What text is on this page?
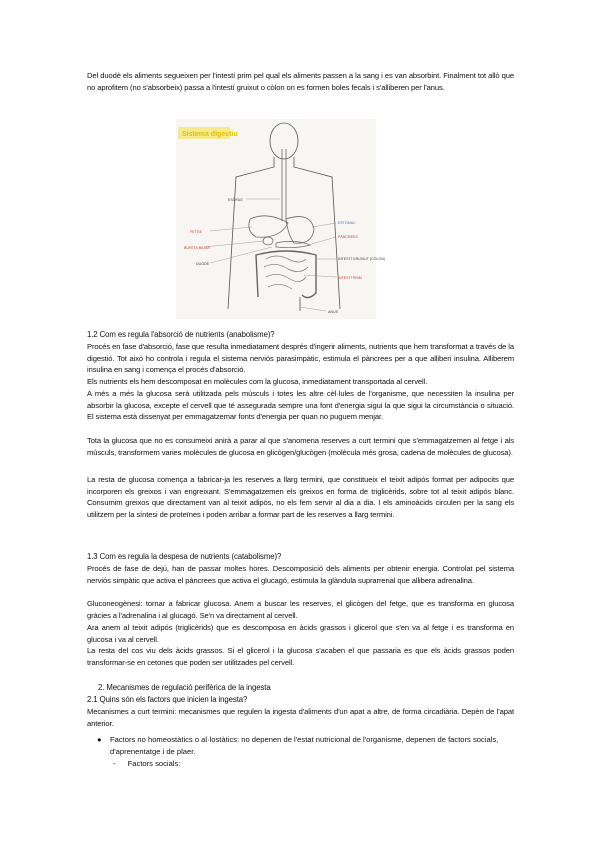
Del duodè els aliments segueixen per l'intestí prim pel qual els aliments passen a la sang i es van absorbint. Finalment tot allò que no aprofitem (no s'absorbeix) passa a l'intestí gruixut o còlon on es formen boles fecals i s'alliberen per l'anus.

Sistema digestiu
ESÒFAG
FETGE
BUFETA BILIAR
DUODÈ
ESTÒMAC
PÀNCREES
INTESTÍ GRUIXUT (CÒLON)
INTESTÍ PRIM
ANUS

1.2 Com es regula l'absorció de nutrients (anabolisme)?

Procés en fase d'absorció, fase que resulta inmediatament després d'ingerir aliments, nutrients que hem transformat a través de la digestió. Tot això ho controla i regula el sistema nerviós parasimpàtic, estimula el pàncrees per a que alliberi insulina. Alliberem insulina en sang i comença el procés d'absorció.

Els nutrients els hem descomposat en molècules com la glucosa, inmediatament transportada al cervell.

A més a més la glucosa serà utilitzada pels músculs i totes les altre cèl·lules de l'organisme, que necessiten la insulina per absorbir la glucosa, excepte el cervell que té assegurada sempre una font d'energia sigui la que sigui la circumstància o situació. El sistema està dissenyat per emmagatzemar fonts d'energia per quan no puguem menjar.

Tota la glucosa que no es consumeixi anirà a parar al que s'anomena reserves a curt termini que s'emmagatzemen al fetge i als músculs, transformem varies molècules de glucosa en glicògen/glucògen (molècula més grosa, cadena de molècules de glucosa).

La resta de glucosa comença a fabricar-ja les reserves a llarg termini, que constitueix el teixit adipós format per adipocits que incorporen els greixos i van engreixant. S'emmagatzemen els greixos en forma de triglicèrids, sobre tot al teixit adipós blanc. Consumim greixos que directament van al teixit adipós, no els fem servir al dia a dia. I els aminoàcids circulen per la sang els utilitzem per la síntesi de proteïnes i poden arribar a formar part de les reserves a llarg termini.

1.3 Com es regula la despesa de nutrients (catabolisme)?

Procés de fase de dejú, han de passar moltes hores. Descomposició dels aliments per obtenir energia. Controlat pel sistema nerviós simpàtic que activa el pàncrees que activa el glucagó, estimula la glàndula suprarrenal que allibera adrenalina.

Gluconeogènesi: tornar a fabricar glucosa. Anem a buscar les reserves, el glicògen del fetge, que es transforma en glucosa gràcies a l'adrenalina i al glucagó. Se'n va directament al cervell.

Ara anem al teixit adipós (triglicèrids) que es descomposa en àcids grassos i glicerol que s'en va al fetge i es transforma en glucosa i va al cervell.

La resta del cos viu dels àcids grassos. Si el glicerol i la glucosa s'acaben el que passaria es que els àcids grassos poden transformar-se en cetones que poden ser utilitzades pel cervell.

2. Mecanismes de regulació perifèrica de la ingesta

2.1 Quins són els factors que inicien la ingesta?

Mecanismes a curt termini: mecanismes que regulen la ingesta d'aliments d'un apat a altre, de forma circadiària. Depèn de l'apat anterior.

● Factors no homeostàtics o al·lostàtics: no depenen de l'estat nutricional de l'organisme, depenen de factors socials, d'aprenentatge i de plaer.
- Factors socials:
